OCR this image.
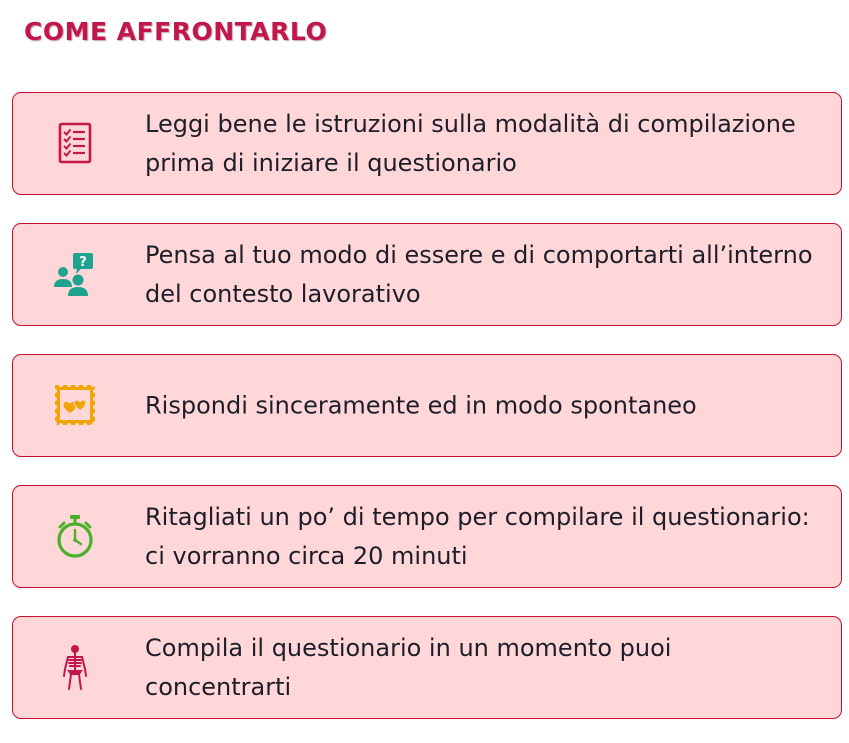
COME AFFRONTARLO

Leggi bene le istruzioni sulla modalità di compilazione prima di iniziare il questionario

? Pensa al tuo modo di essere e di comportarti all’interno del contesto lavorativo

Rispondi sinceramente ed in modo spontaneo

Ritagliati un po’ di tempo per compilare il questionario: ci vorranno circa 20 minuti

Compila il questionario in un momento puoi concentrarti
